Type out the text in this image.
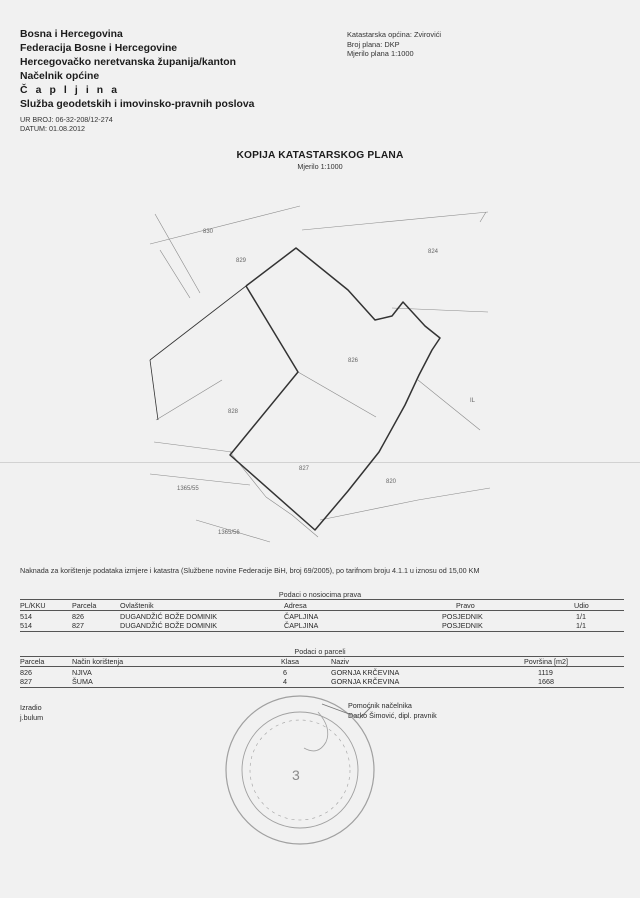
Bosna i Hercegovina
Federacija Bosne i Hercegovine
Hercegovačko neretvanska županija/kanton
Načelnik općine
Č a p l j i n a
Služba geodetskih i imovinsko-pravnih poslova
UR BROJ: 06-32-208/12-274
DATUM: 01.08.2012
Katastarska općina: Zvirovići
Broj plana: DKP
Mjerilo plana 1:1000
KOPIJA KATASTARSKOG PLANA
Mjerilo 1:1000
830
829
824
826
828
827
820
1365/55
1365/56
IL
Naknada za korištenje podataka izmjere i katastra (Službene novine Federacije BiH, broj 69/2005), po tarifnom broju 4.1.1 u iznosu od 15,00 KM
Podaci o nosiocima prava
PL/KKU	Parcela	Ovlaštenik	Adresa	Pravo	Udio
514	826	DUGANDŽIĆ BOŽE DOMINIK	ČAPLJINA	POSJEDNIK	1/1
514	827	DUGANDŽIĆ BOŽE DOMINIK	ČAPLJINA	POSJEDNIK	1/1
Podaci o parceli
Parcela	Način korištenja	Klasa	Naziv	Površina [m2]
826	NJIVA	6	GORNJA KRČEVINA	1119
827	ŠUMA	4	GORNJA KRČEVINA	1668
Izradio
j.bulum
Pomoćnik načelnika
Darko Šimović, dipl. pravnik
3
